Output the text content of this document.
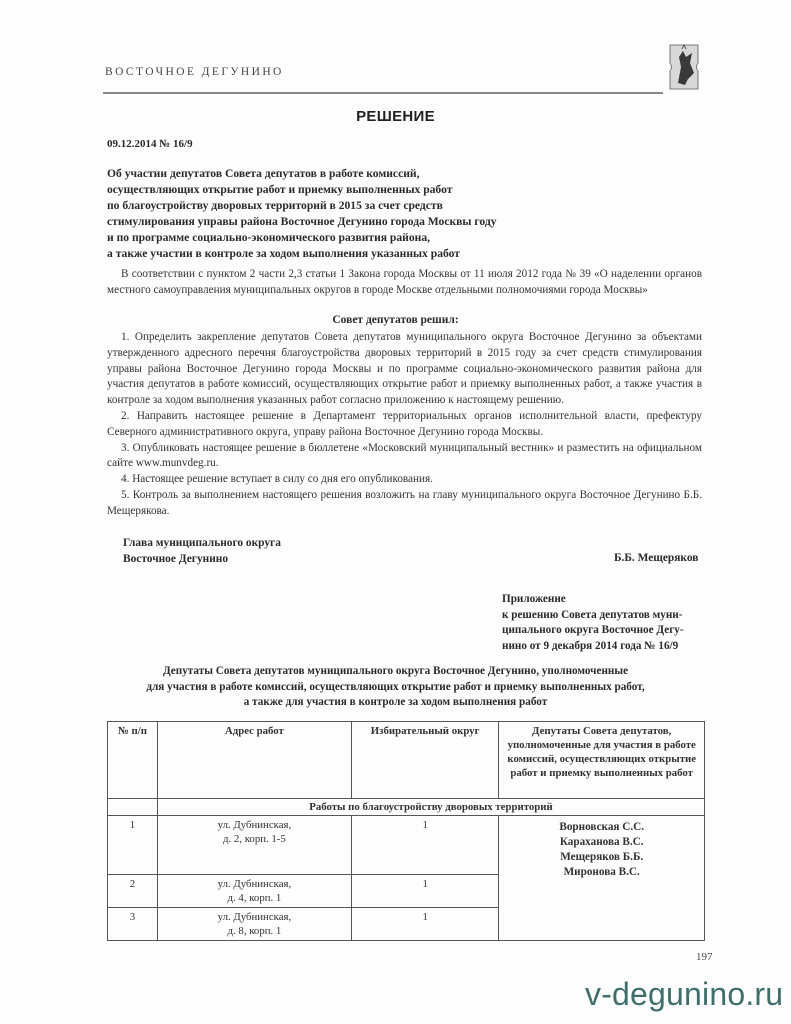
ВОСТОЧНОЕ ДЕГУНИНО
РЕШЕНИЕ
09.12.2014 № 16/9
Об участии депутатов Совета депутатов в работе комиссий,
осуществляющих открытие работ и приемку выполненных работ
по благоустройству дворовых территорий в 2015 за счет средств
стимулирования управы района Восточное Дегунино города Москвы году
и по программе социально-экономического развития района,
а также участии в контроле за ходом выполнения указанных работ
В соответствии с пунктом 2 части 2,3 статьи 1 Закона города Москвы от 11 июля 2012 года № 39 «О наделении органов местного самоуправления муниципальных округов в городе Москве отдельными полномочиями города Москвы»
Совет депутатов решил:

1. Определить закрепление депутатов Совета депутатов муниципального округа Восточное Дегунино за объектами утвержденного адресного перечня благоустройства дворовых территорий в 2015 году за счет средств стимулирования управы района Восточное Дегунино города Москвы и по программе социально-экономического развития района для участия депутатов в работе комиссий, осуществляющих открытие работ и приемку выполненных работ, а также участия в контроле за ходом выполнения указанных работ согласно приложению к настоящему решению.

2. Направить настоящее решение в Департамент территориальных органов исполнительной власти, префектуру Северного административного округа, управу района Восточное Дегунино города Москвы.

3. Опубликовать настоящее решение в бюллетене «Московский муниципальный вестник» и разместить на официальном сайте www.munvdeg.ru.

4. Настоящее решение вступает в силу со дня его опубликования.

5. Контроль за выполнением настоящего решения возложить на главу муниципального округа Восточное Дегунино Б.Б. Мещерякова.

Глава муниципального округа
Восточное Дегунино	Б.Б. Мещеряков
Приложение
к решению Совета депутатов муни-
ципального округа Восточное Дегу-
нино от 9 декабря 2014 года № 16/9
Депутаты Совета депутатов муниципального округа Восточное Дегунино, уполномоченные
для участия в работе комиссий, осуществляющих открытие работ и приемку выполненных работ,
а также для участия в контроле за ходом выполнения работ
№ п/п	Адрес работ	Избирательный округ	Депутаты Совета депутатов, уполномоченные для участия в работе комиссий, осуществляющих открытие работ и приемку выполненных работ
	Работы по благоустройству дворовых территорий		
1	ул. Дубнинская,
д. 2, корп. 1-5
	1	Ворновская С.С.
Караханова В.С.
Мещеряков Б.Б.
Миронова В.С.

2	ул. Дубнинская,
д. 4, корп. 1	1	
3	ул. Дубнинская,
д. 8, корп. 1	1	
197
v-degunino.ru
